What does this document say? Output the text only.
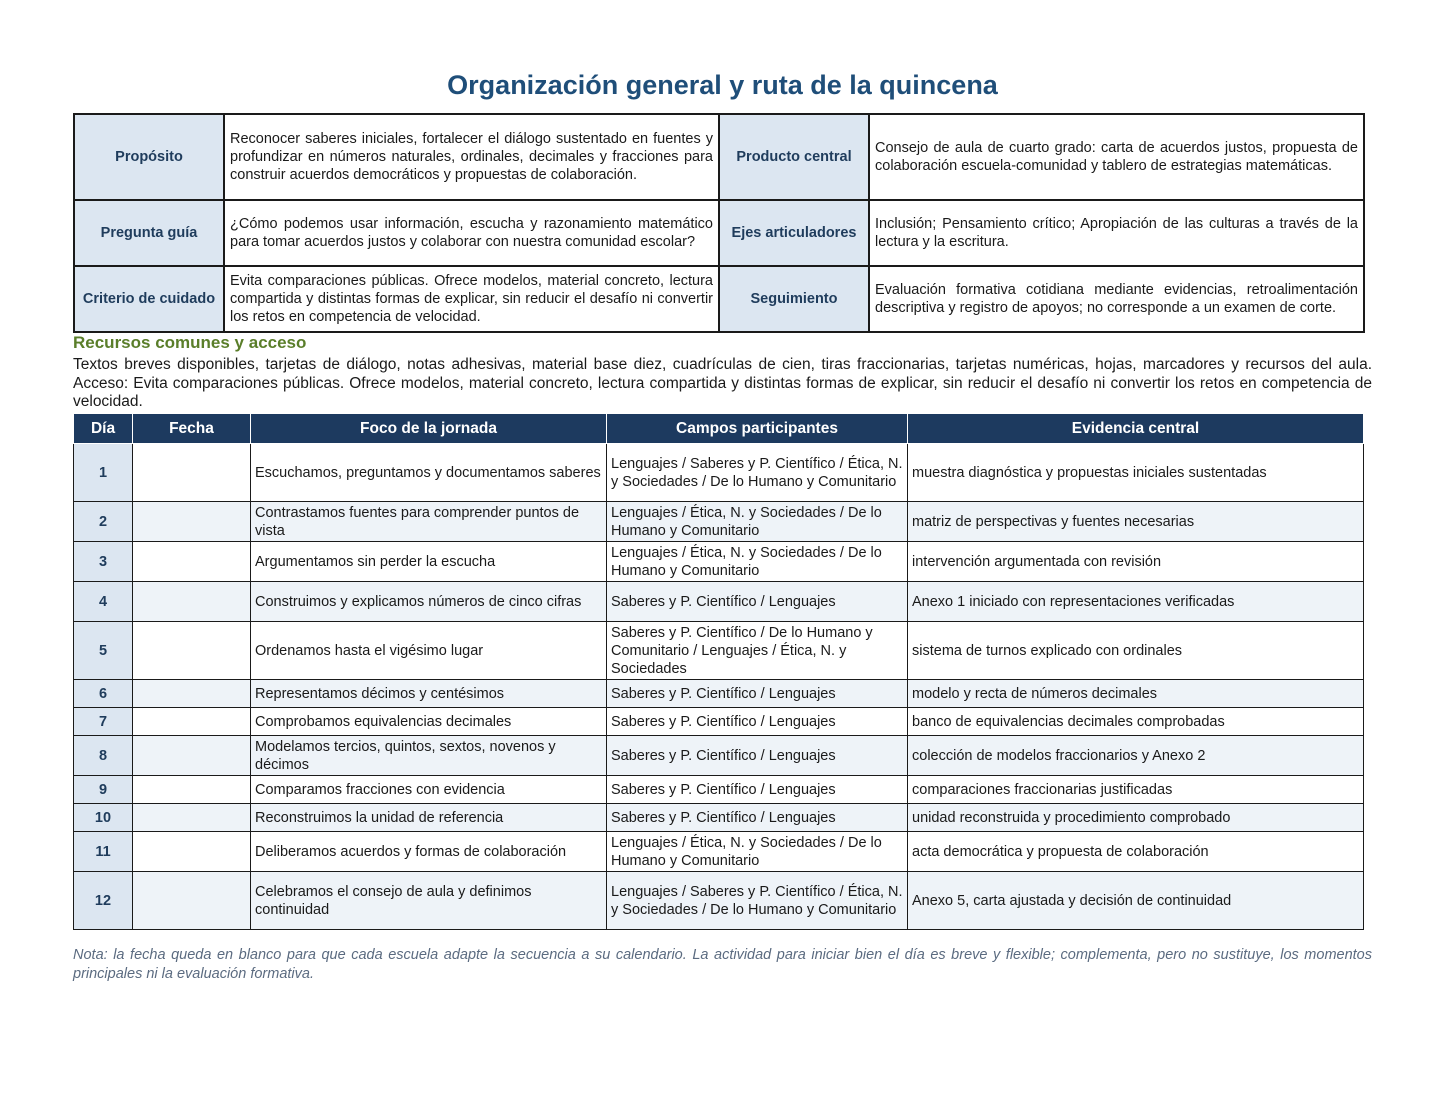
Organización general y ruta de la quincena
Propósito	Reconocer saberes iniciales, fortalecer el diálogo sustentado en fuentes y profundizar en números naturales, ordinales, decimales y fracciones para construir acuerdos democráticos y propuestas de colaboración.	Producto central	Consejo de aula de cuarto grado: carta de acuerdos justos, propuesta de colaboración escuela-comunidad y tablero de estrategias matemáticas.
Pregunta guía	¿Cómo podemos usar información, escucha y razonamiento matemático para tomar acuerdos justos y colaborar con nuestra comunidad escolar?	Ejes articuladores	Inclusión; Pensamiento crítico; Apropiación de las culturas a través de la lectura y la escritura.
Criterio de cuidado	Evita comparaciones públicas. Ofrece modelos, material concreto, lectura compartida y distintas formas de explicar, sin reducir el desafío ni convertir los retos en competencia de velocidad.	Seguimiento	Evaluación formativa cotidiana mediante evidencias, retroalimentación descriptiva y registro de apoyos; no corresponde a un examen de corte.
Recursos comunes y acceso
Textos breves disponibles, tarjetas de diálogo, notas adhesivas, material base diez, cuadrículas de cien, tiras fraccionarias, tarjetas numéricas, hojas, marcadores y recursos del aula. Acceso: Evita comparaciones públicas. Ofrece modelos, material concreto, lectura compartida y distintas formas de explicar, sin reducir el desafío ni convertir los retos en competencia de velocidad.
Día	Fecha	Foco de la jornada	Campos participantes	Evidencia central
1		Escuchamos, preguntamos y documentamos saberes	Lenguajes / Saberes y P. Científico / Ética, N. y Sociedades / De lo Humano y Comunitario	muestra diagnóstica y propuestas iniciales sustentadas
2		Contrastamos fuentes para comprender puntos de vista	Lenguajes / Ética, N. y Sociedades / De lo Humano y Comunitario	matriz de perspectivas y fuentes necesarias
3		Argumentamos sin perder la escucha	Lenguajes / Ética, N. y Sociedades / De lo Humano y Comunitario	intervención argumentada con revisión
4		Construimos y explicamos números de cinco cifras	Saberes y P. Científico / Lenguajes	Anexo 1 iniciado con representaciones verificadas
5		Ordenamos hasta el vigésimo lugar	Saberes y P. Científico / De lo Humano y Comunitario / Lenguajes / Ética, N. y Sociedades	sistema de turnos explicado con ordinales
6		Representamos décimos y centésimos	Saberes y P. Científico / Lenguajes	modelo y recta de números decimales
7		Comprobamos equivalencias decimales	Saberes y P. Científico / Lenguajes	banco de equivalencias decimales comprobadas
8		Modelamos tercios, quintos, sextos, novenos y décimos	Saberes y P. Científico / Lenguajes	colección de modelos fraccionarios y Anexo 2
9		Comparamos fracciones con evidencia	Saberes y P. Científico / Lenguajes	comparaciones fraccionarias justificadas
10		Reconstruimos la unidad de referencia	Saberes y P. Científico / Lenguajes	unidad reconstruida y procedimiento comprobado
11		Deliberamos acuerdos y formas de colaboración	Lenguajes / Ética, N. y Sociedades / De lo Humano y Comunitario	acta democrática y propuesta de colaboración
12		Celebramos el consejo de aula y definimos continuidad	Lenguajes / Saberes y P. Científico / Ética, N. y Sociedades / De lo Humano y Comunitario	Anexo 5, carta ajustada y decisión de continuidad
Nota: la fecha queda en blanco para que cada escuela adapte la secuencia a su calendario. La actividad para iniciar bien el día es breve y flexible; complementa, pero no sustituye, los momentos principales ni la evaluación formativa.
